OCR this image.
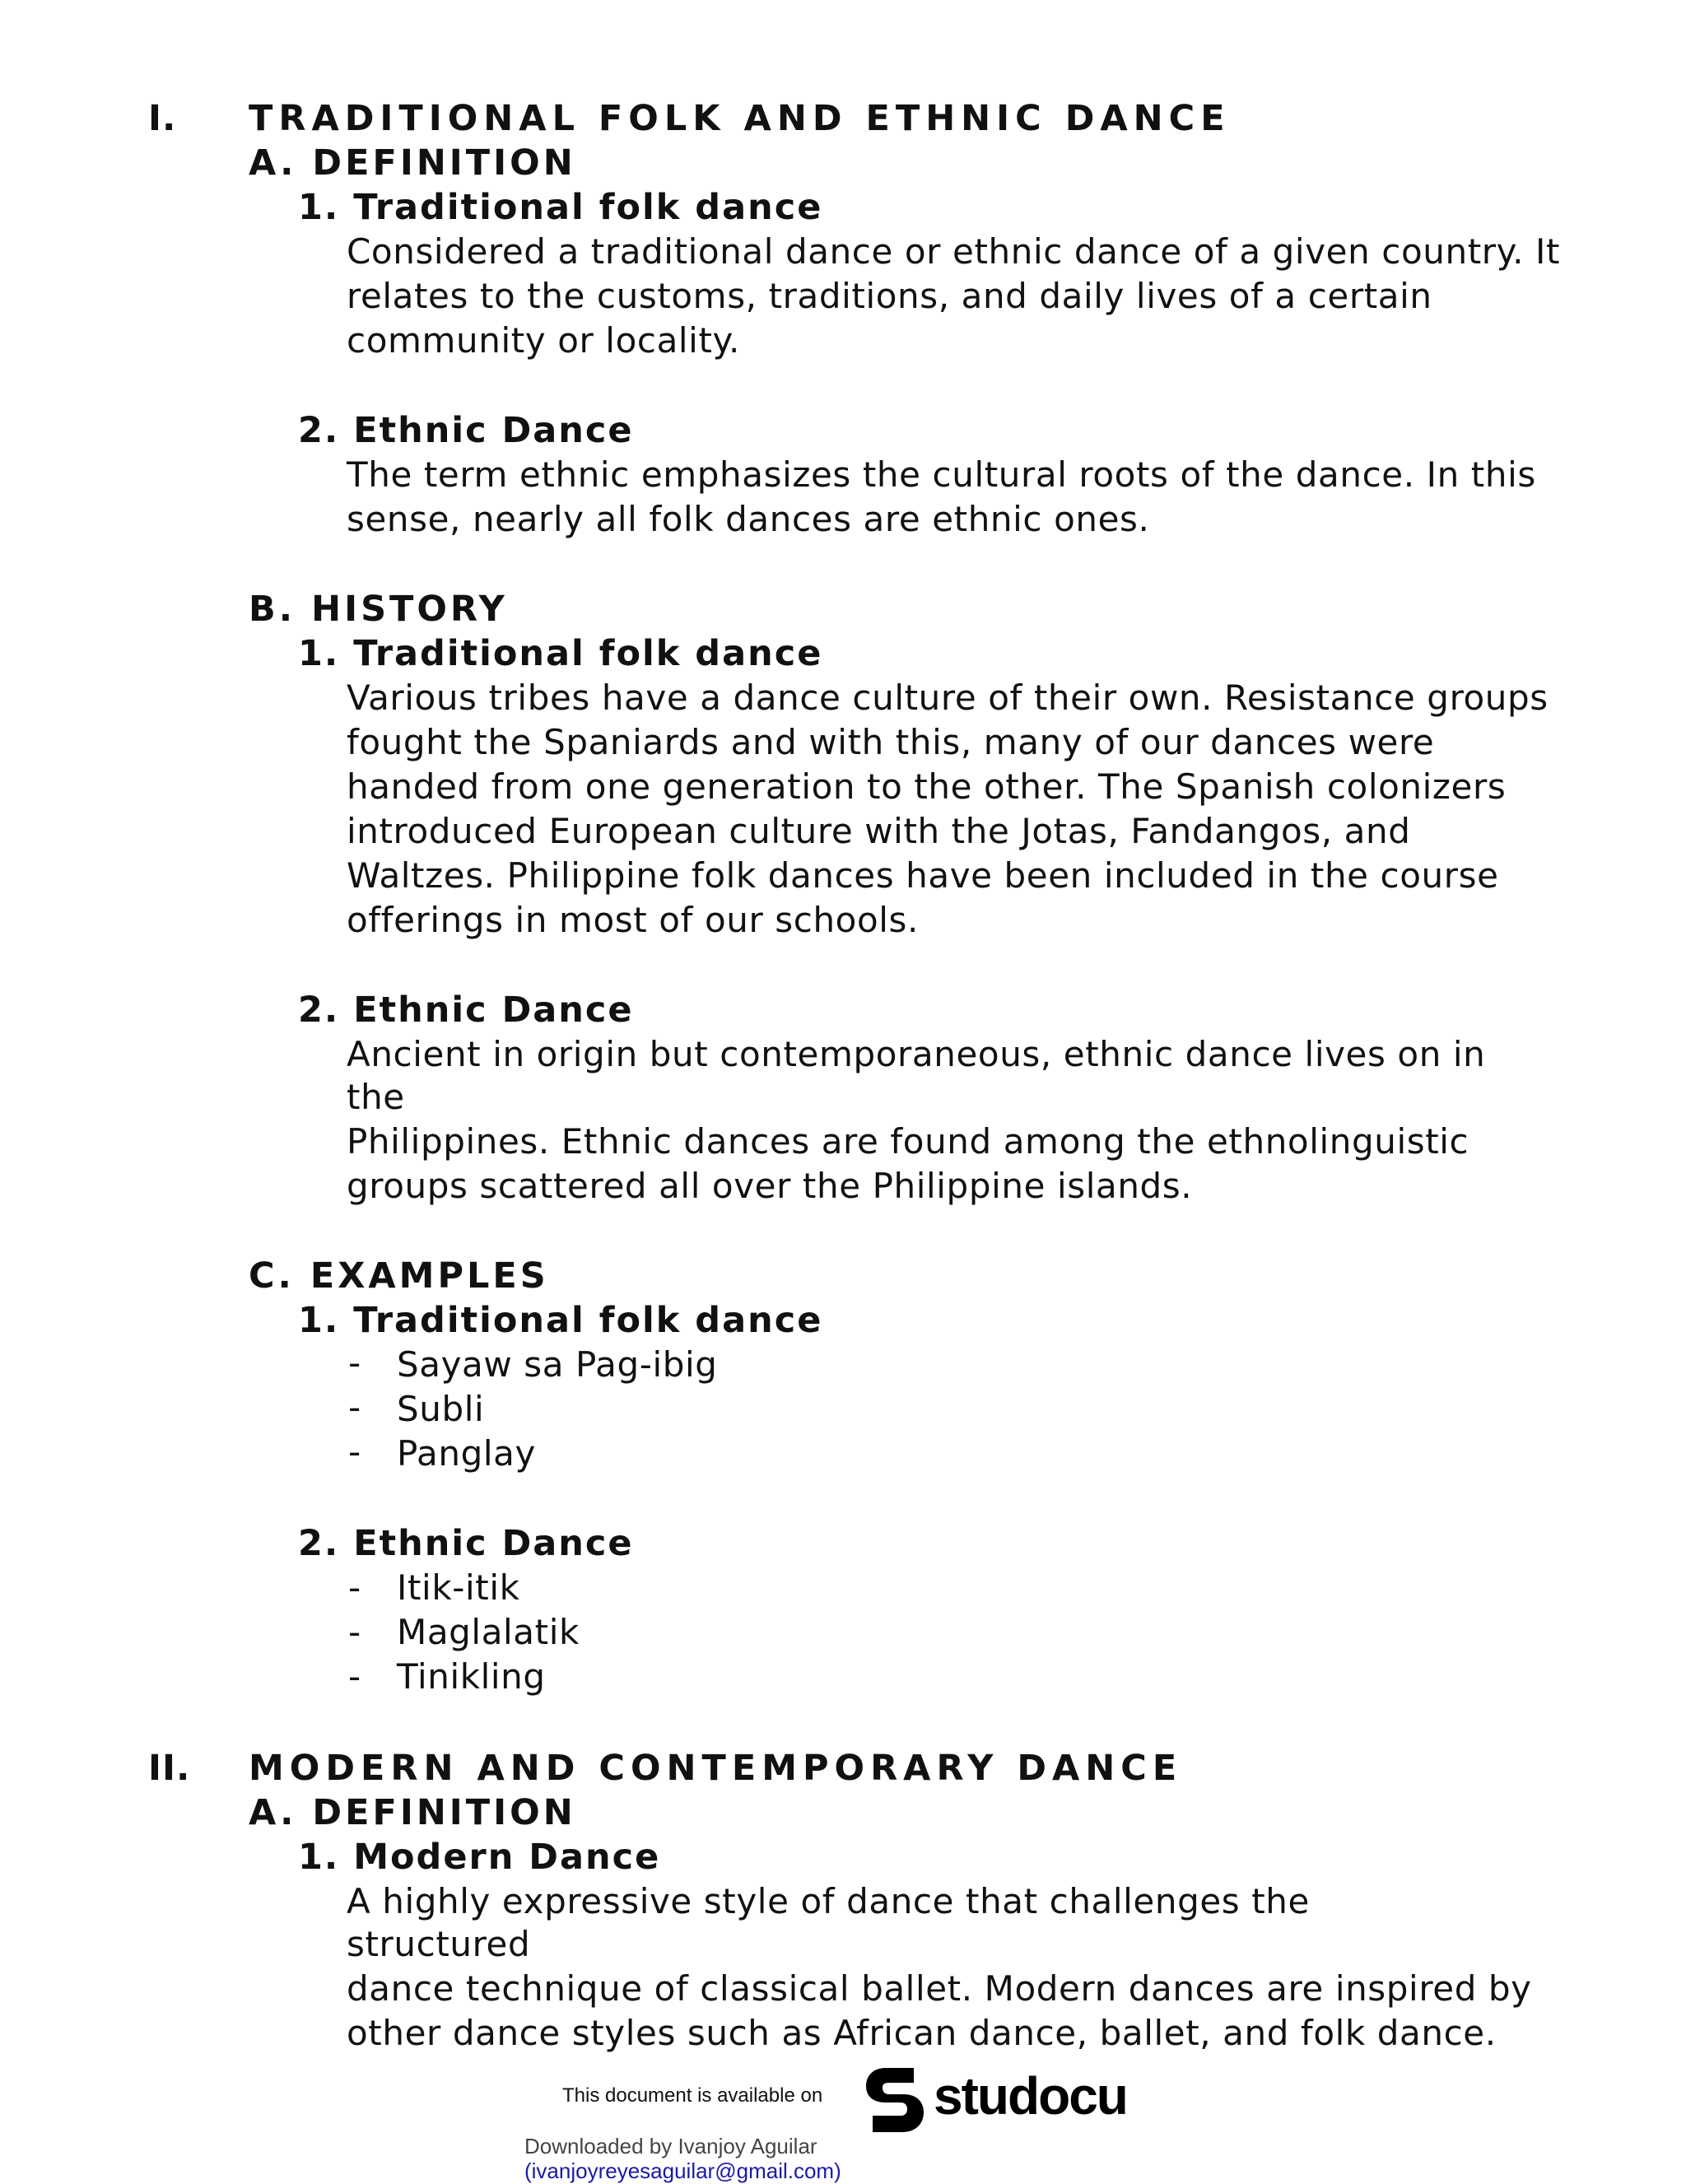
I. TRADITIONAL FOLK AND ETHNIC DANCE
A. DEFINITION
1. Traditional folk dance
Considered a traditional dance or ethnic dance of a given country. It
relates to the customs, traditions, and daily lives of a certain
community or locality.
2. Ethnic Dance
The term ethnic emphasizes the cultural roots of the dance. In this
sense, nearly all folk dances are ethnic ones.
B. HISTORY
1. Traditional folk dance
Various tribes have a dance culture of their own. Resistance groups
fought the Spaniards and with this, many of our dances were
handed from one generation to the other. The Spanish colonizers
introduced European culture with the Jotas, Fandangos, and
Waltzes. Philippine folk dances have been included in the course
offerings in most of our schools.
2. Ethnic Dance
Ancient in origin but contemporaneous, ethnic dance lives on in
the
Philippines. Ethnic dances are found among the ethnolinguistic
groups scattered all over the Philippine islands.
C. EXAMPLES
1. Traditional folk dance
- Sayaw sa Pag-ibig
- Subli
- Panglay
2. Ethnic Dance
- Itik-itik
- Maglalatik
- Tinikling
II. MODERN AND CONTEMPORARY DANCE
A. DEFINITION
1. Modern Dance
A highly expressive style of dance that challenges the
structured
dance technique of classical ballet. Modern dances are inspired by
other dance styles such as African dance, ballet, and folk dance.
This document is available on studocu
Downloaded by Ivanjoy Aguilar
(ivanjoyreyesaguilar@gmail.com)
